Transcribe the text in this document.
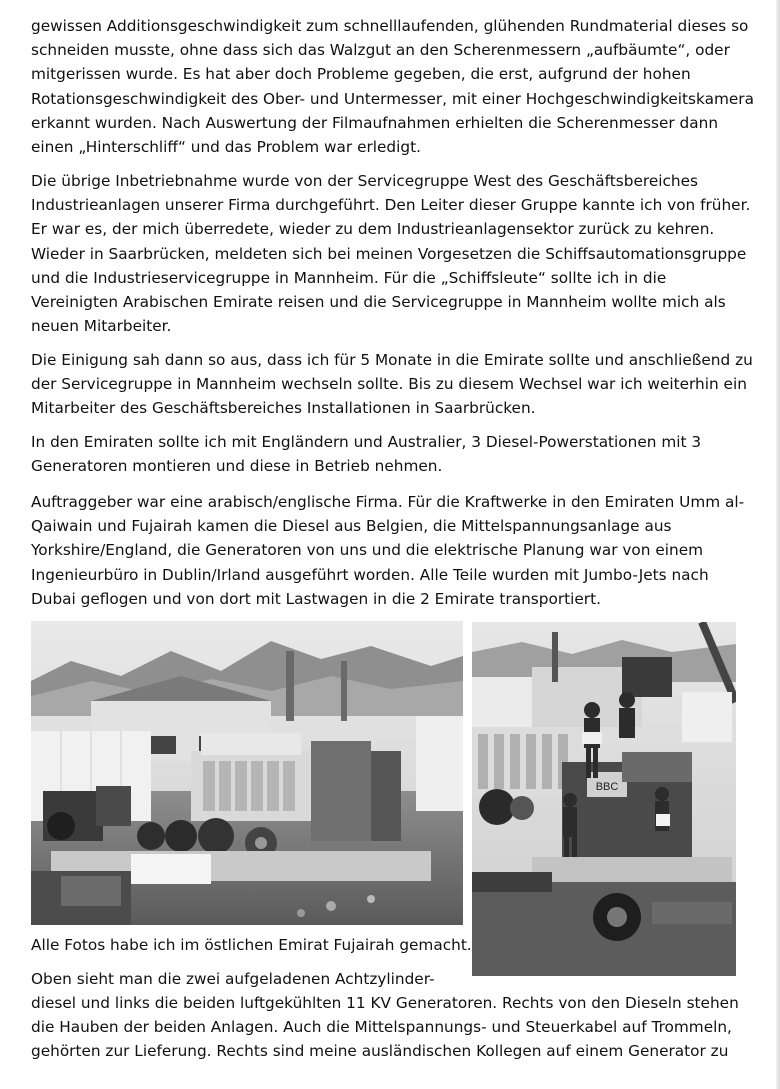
gewissen Additionsgeschwindigkeit zum schnelllaufenden, glühenden Rundmaterial dieses so
schneiden musste, ohne dass sich das Walzgut an den Scherenmessern „aufbäumte“, oder
mitgerissen wurde. Es hat aber doch Probleme gegeben, die erst, aufgrund der hohen
Rotationsgeschwindigkeit des Ober- und Untermesser, mit einer Hochgeschwindigkeitskamera
erkannt wurden. Nach Auswertung der Filmaufnahmen erhielten die Scherenmesser dann
einen „Hinterschliff“ und das Problem war erledigt.
Die übrige Inbetriebnahme wurde von der Servicegruppe West des Geschäftsbereiches
Industrieanlagen unserer Firma durchgeführt. Den Leiter dieser Gruppe kannte ich von früher.
Er war es, der mich überredete, wieder zu dem Industrieanlagensektor zurück zu kehren.
Wieder in Saarbrücken, meldeten sich bei meinen Vorgesetzen die Schiffsautomationsgruppe
und die Industrieservicegruppe in Mannheim. Für die „Schiffsleute“ sollte ich in die
Vereinigten Arabischen Emirate reisen und die Servicegruppe in Mannheim wollte mich als
neuen Mitarbeiter.
Die Einigung sah dann so aus, dass ich für 5 Monate in die Emirate sollte und anschließend zu
der Servicegruppe in Mannheim wechseln sollte. Bis zu diesem Wechsel war ich weiterhin ein
Mitarbeiter des Geschäftsbereiches Installationen in Saarbrücken.
In den Emiraten sollte ich mit Engländern und Australier, 3 Diesel-Powerstationen mit 3
Generatoren montieren und diese in Betrieb nehmen.
Auftraggeber war eine arabisch/englische Firma. Für die Kraftwerke in den Emiraten Umm al-
Qaiwain und Fujairah kamen die Diesel aus Belgien, die Mittelspannungsanlage aus
Yorkshire/England, die Generatoren von uns und die elektrische Planung war von einem
Ingenieurbüro in Dublin/Irland ausgeführt worden. Alle Teile wurden mit Jumbo-Jets nach
Dubai geflogen und von dort mit Lastwagen in die 2 Emirate transportiert.
BBC
Alle Fotos habe ich im östlichen Emirat Fujairah gemacht.
Oben sieht man die zwei aufgeladenen Achtzylinder-
diesel und links die beiden luftgekühlten 11 KV Generatoren. Rechts von den Dieseln stehen
die Hauben der beiden Anlagen. Auch die Mittelspannungs- und Steuerkabel auf Trommeln,
gehörten zur Lieferung. Rechts sind meine ausländischen Kollegen auf einem Generator zu
